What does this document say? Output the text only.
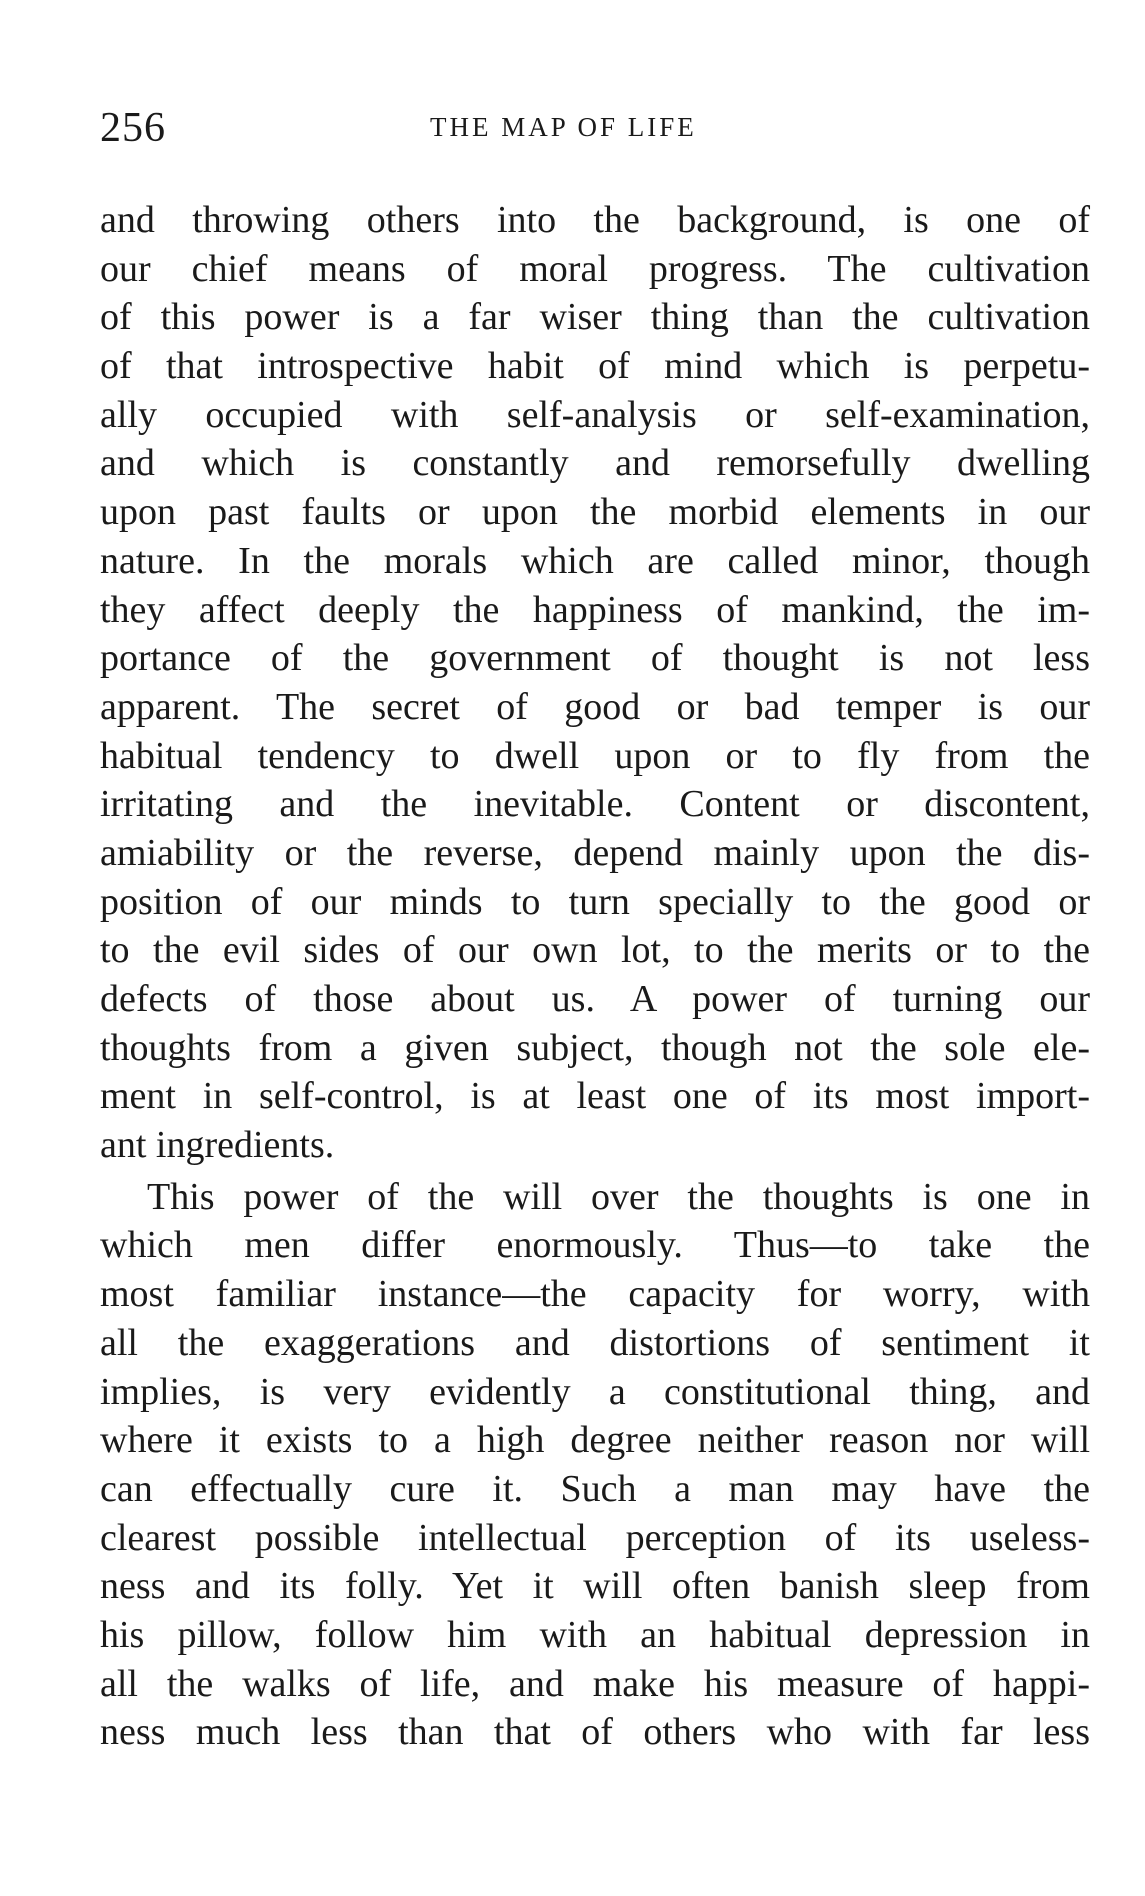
256	THE MAP OF LIFE
and throwing others into the background, is one of
our chief means of moral progress. The cultivation
of this power is a far wiser thing than the cultivation
of that introspective habit of mind which is perpetu-
ally occupied with self-analysis or self-examination,
and which is constantly and remorsefully dwelling
upon past faults or upon the morbid elements in our
nature. In the morals which are called minor, though
they affect deeply the happiness of mankind, the im-
portance of the government of thought is not less
apparent. The secret of good or bad temper is our
habitual tendency to dwell upon or to fly from the
irritating and the inevitable. Content or discontent,
amiability or the reverse, depend mainly upon the dis-
position of our minds to turn specially to the good or
to the evil sides of our own lot, to the merits or to the
defects of those about us. A power of turning our
thoughts from a given subject, though not the sole ele-
ment in self-control, is at least one of its most import-
ant ingredients.
This power of the will over the thoughts is one in
which men differ enormously. Thus—to take the
most familiar instance—the capacity for worry, with
all the exaggerations and distortions of sentiment it
implies, is very evidently a constitutional thing, and
where it exists to a high degree neither reason nor will
can effectually cure it. Such a man may have the
clearest possible intellectual perception of its useless-
ness and its folly. Yet it will often banish sleep from
his pillow, follow him with an habitual depression in
all the walks of life, and make his measure of happi-
ness much less than that of others who with far less
